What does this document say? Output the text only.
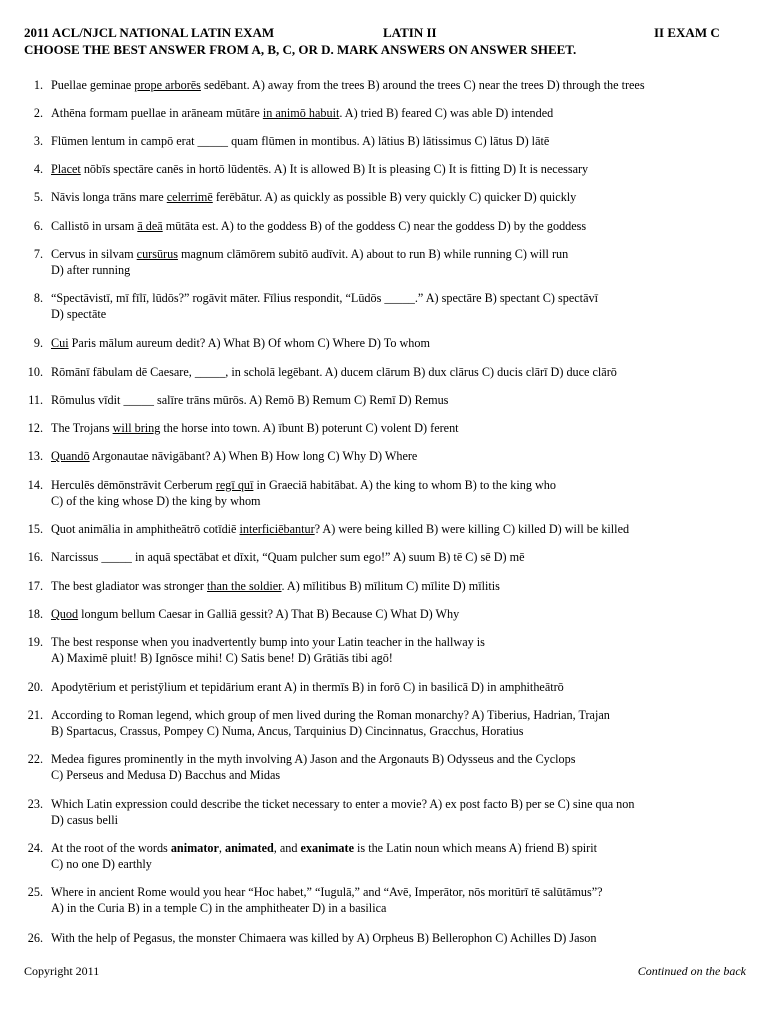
2011 ACL/NJCL NATIONAL LATIN EXAM	LATIN II	II EXAM C
CHOOSE THE BEST ANSWER FROM A, B, C, OR D. MARK ANSWERS ON ANSWER SHEET.
1. Puellae geminae prope arborēs sedēbant. A) away from the trees B) around the trees C) near the trees D) through the trees
2. Athēna formam puellae in arāneam mūtāre in animō habuit. A) tried B) feared C) was able D) intended
3. Flūmen lentum in campō erat _____ quam flūmen in montibus. A) lātius B) lātissimus C) lātus D) lātē
4. Placet nōbīs spectāre canēs in hortō lūdentēs. A) It is allowed B) It is pleasing C) It is fitting D) It is necessary
5. Nāvis longa trāns mare celerrimē ferēbātur. A) as quickly as possible B) very quickly C) quicker D) quickly
6. Callistō in ursam ā deā mūtāta est. A) to the goddess B) of the goddess C) near the goddess D) by the goddess
7. Cervus in silvam cursūrus magnum clāmōrem subitō audīvit. A) about to run B) while running C) will run
D) after running
8. “Spectāvistī, mī fīlī, lūdōs?” rogāvit māter. Fīlius respondit, “Lūdōs _____.” A) spectāre B) spectant C) spectāvī
D) spectāte
9. Cui Paris mālum aureum dedit? A) What B) Of whom C) Where D) To whom
10. Rōmānī fābulam dē Caesare, _____, in scholā legēbant. A) ducem clārum B) dux clārus C) ducis clārī D) duce clārō
11. Rōmulus vīdit _____ salīre trāns mūrōs. A) Remō B) Remum C) Remī D) Remus
12. The Trojans will bring the horse into town. A) ībunt B) poterunt C) volent D) ferent
13. Quandō Argonautae nāvigābant? A) When B) How long C) Why D) Where
14. Herculēs dēmōnstrāvit Cerberum regī quī in Graeciā habitābat. A) the king to whom B) to the king who
C) of the king whose D) the king by whom
15. Quot animālia in amphitheātrō cotīdiē interficiēbantur? A) were being killed B) were killing C) killed D) will be killed
16. Narcissus _____ in aquā spectābat et dīxit, “Quam pulcher sum ego!” A) suum B) tē C) sē D) mē
17. The best gladiator was stronger than the soldier. A) mīlitibus B) mīlitum C) mīlite D) mīlitis
18. Quod longum bellum Caesar in Galliā gessit? A) That B) Because C) What D) Why
19. The best response when you inadvertently bump into your Latin teacher in the hallway is
A) Maximē pluit! B) Ignōsce mihi! C) Satis bene! D) Grātiās tibi agō!
20. Apodytērium et peristȳlium et tepidārium erant A) in thermīs B) in forō C) in basilicā D) in amphitheātrō
21. According to Roman legend, which group of men lived during the Roman monarchy? A) Tiberius, Hadrian, Trajan
B) Spartacus, Crassus, Pompey C) Numa, Ancus, Tarquinius D) Cincinnatus, Gracchus, Horatius
22. Medea figures prominently in the myth involving A) Jason and the Argonauts B) Odysseus and the Cyclops
C) Perseus and Medusa D) Bacchus and Midas
23. Which Latin expression could describe the ticket necessary to enter a movie? A) ex post facto B) per se C) sine qua non
D) casus belli
24. At the root of the words animator, animated, and exanimate is the Latin noun which means A) friend B) spirit
C) no one D) earthly
25. Where in ancient Rome would you hear “Hoc habet,” “Iugulā,” and “Avē, Imperātor, nōs moritūrī tē salūtāmus”?
A) in the Curia B) in a temple C) in the amphitheater D) in a basilica
26. With the help of Pegasus, the monster Chimaera was killed by A) Orpheus B) Bellerophon C) Achilles D) Jason
Copyright 2011	Continued on the back
